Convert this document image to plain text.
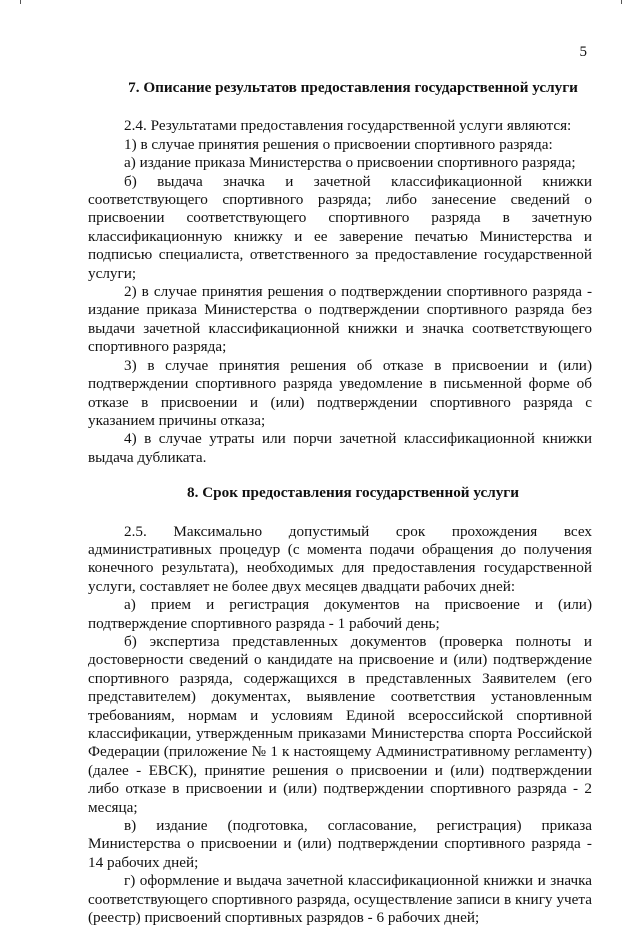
5
7. Описание результатов предоставления государственной услуги

2.4. Результатами предоставления государственной услуги являются:

1) в случае принятия решения о присвоении спортивного разряда:

а) издание приказа Министерства о присвоении спортивного разряда;

б) выдача значка и зачетной классификационной книжки соответствующего спортивного разряда; либо занесение сведений о присвоении соответствующего спортивного разряда в зачетную классификационную книжку и ее заверение печатью Министерства и подписью специалиста, ответственного за предоставление государственной услуги;

2) в случае принятия решения о подтверждении спортивного разряда - издание приказа Министерства о подтверждении спортивного разряда без выдачи зачетной классификационной книжки и значка соответствующего спортивного разряда;

3) в случае принятия решения об отказе в присвоении и (или) подтверждении спортивного разряда уведомление в письменной форме об отказе в присвоении и (или) подтверждении спортивного разряда с указанием причины отказа;

4) в случае утраты или порчи зачетной классификационной книжки выдача дубликата.

8. Срок предоставления государственной услуги

2.5. Максимально допустимый срок прохождения всех административных процедур (с момента подачи обращения до получения конечного результата), необходимых для предоставления государственной услуги, составляет не более двух месяцев двадцати рабочих дней:

а) прием и регистрация документов на присвоение и (или) подтверждение спортивного разряда - 1 рабочий день;

б) экспертиза представленных документов (проверка полноты и достоверности сведений о кандидате на присвоение и (или) подтверждение спортивного разряда, содержащихся в представленных Заявителем (его представителем) документах, выявление соответствия установленным требованиям, нормам и условиям Единой всероссийской спортивной классификации, утвержденным приказами Министерства спорта Российской Федерации (приложение № 1 к настоящему Административному регламенту) (далее - ЕВСК), принятие решения о присвоении и (или) подтверждении либо отказе в присвоении и (или) подтверждении спортивного разряда - 2 месяца;

в) издание (подготовка, согласование, регистрация) приказа Министерства о присвоении и (или) подтверждении спортивного разряда - 14 рабочих дней;

г) оформление и выдача зачетной классификационной книжки и значка соответствующего спортивного разряда, осуществление записи в книгу учета (реестр) присвоений спортивных разрядов - 6 рабочих дней;
